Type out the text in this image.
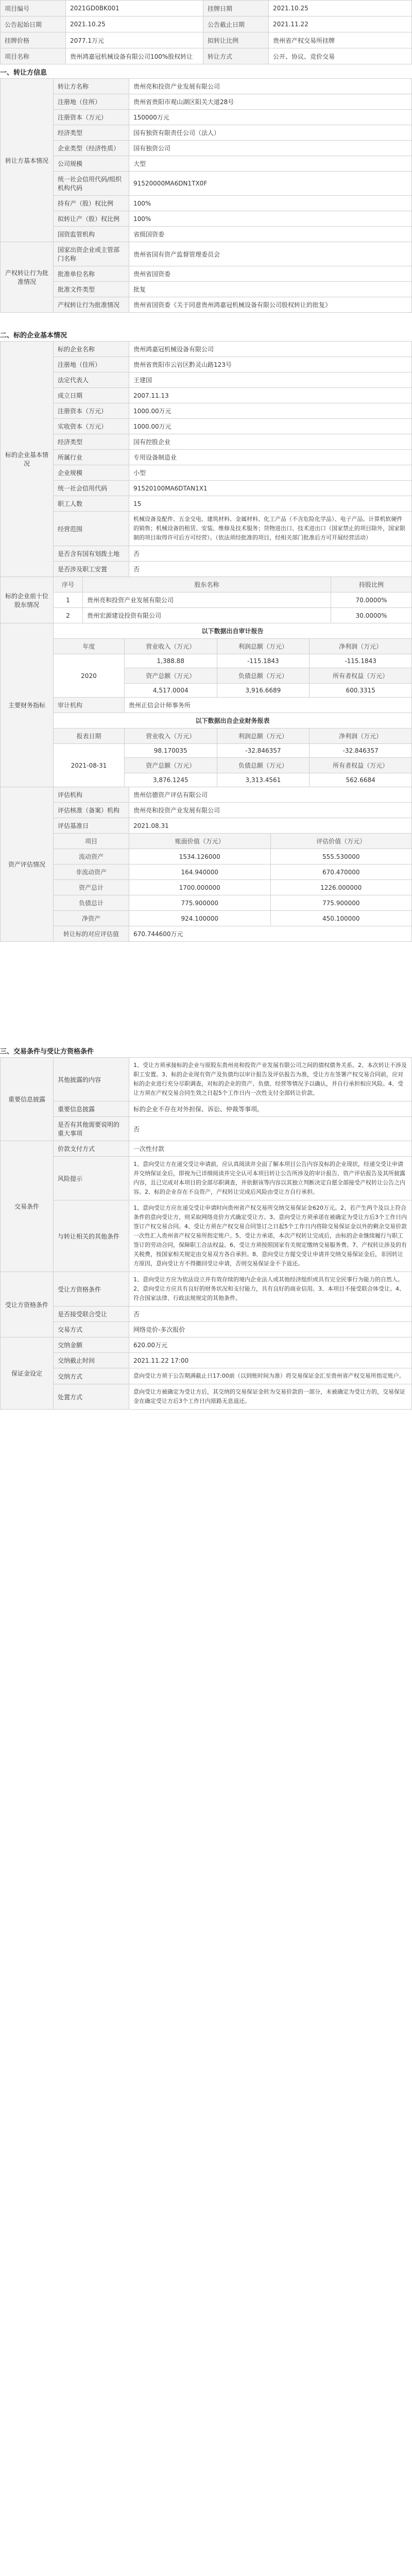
项目编号	2021GD0BK001	挂牌日期	2021.10.25
公告起始日期	2021.10.25	公告截止日期	2021.11.22
挂牌价格	2077.1万元	拟转让比例	贵州省产权交易所挂牌
项目名称	贵州鸿嘉冠机械设备有限公司100%股权转让	转让方式	公开、协议、竞价交易
一、转让方信息
转让方基本情况	转让方名称	贵州亮和投资产业发展有限公司
	注册地（住所）	贵州省贵阳市观山湖区阳关大道28号
	注册资本（万元）	150000万元
	经济类型	国有独资有限责任公司（法人）
	企业类型（经济性质）	国有独资公司
	公司规模	大型
	统一社会信用代码/组织机构代码	91520000MA6DN1TX0F
	持有产（股）权比例	100%
	拟转让产（股）权比例	100%
	国资监管机构	省级国资委
产权转让行为批准情况	国家出资企业或主管部门名称	贵州省国有资产监督管理委员会
	批准单位名称	贵州省国资委
	批准文件类型	批复
	产权转让行为批准情况	贵州省国资委《关于同意贵州鸿嘉冠机械设备有限公司股权转让的批复》
二、标的企业基本情况
标的企业基本情况	标的企业名称	贵州鸿嘉冠机械设备有限公司
	注册地（住所）	贵州省贵阳市云岩区黔灵山路123号
	法定代表人	王建国
	成立日期	2007.11.13
	注册资本（万元）	1000.00万元
	实收资本（万元）	1000.00万元
	经济类型	国有控股企业
	所属行业	专用设备制造业
	企业规模	小型
	统一社会信用代码	91520100MA6DTAN1X1
	职工人数	15
	经营范围	机械设备及配件、五金交电、建筑材料、金属材料、化工产品（不含危险化学品）、电子产品、计算机软硬件的销售；机械设备的租赁、安装、维修及技术服务；货物进出口、技术进出口（国家禁止的项目除外，国家限制的项目取得许可后方可经营）。（依法须经批准的项目，经相关部门批准后方可开展经营活动）
	是否含有国有划拨土地	否
	是否涉及职工安置	否
标的企业前十位股东情况	序号	股东名称	持股比例
	1	贵州亮和投资产业发展有限公司	70.0000%
	2	贵州宏源建设投资有限公司	30.0000%
主要财务指标	以下数据出自审计报告			
	年度	营业收入（万元）	利润总额（万元）	净利润（万元）
	2020	1,388.88	-115.1843	-115.1843
		资产总额（万元）	负债总额（万元）	所有者权益（万元）
		4,517.0004	3,916.6689	600.3315
	审计机构	贵州正信会计师事务所		
	以下数据出自企业财务报表			
	报表日期	营业收入（万元）	利润总额（万元）	净利润（万元）
	2021-08-31	98.170035	-32.846357	-32.846357
		资产总额（万元）	负债总额（万元）	所有者权益（万元）
		3,876.1245	3,313.4561	562.6684
资产评估情况	评估机构	贵州信德资产评估有限公司	
	评估核准（备案）机构	贵州亮和投资产业发展有限公司	
	评估基准日	2021.08.31	
	项目	账面价值（万元）	评估价值（万元）
	流动资产	1534.126000	555.530000
	非流动资产	164.940000	670.470000
	资产总计	1700.000000	1226.000000
	负债总计	775.900000	775.900000
	净资产	924.100000	450.100000
	转让标的对应评估值	670.744600万元	
三、交易条件与受让方资格条件
重要信息披露	其他披露的内容	1、受让方须承接标的企业与原股东贵州亮和投资产业发展有限公司之间的债权债务关系。2、本次转让不涉及职工安置。3、标的企业现有资产及负债均以审计报告及评估报告为准，受让方在签署产权交易合同前，应对标的企业进行充分尽职调查，对标的企业的资产、负债、经营等情况予以确认，并自行承担相应风险。4、受让方须在产权交易合同生效之日起5个工作日内一次性支付全部转让价款。
	重要信息披露	标的企业不存在对外担保、诉讼、仲裁等事项。
	是否有其他需要说明的重大事项	否
交易条件	价款支付方式	一次性付款
	风险提示	1、意向受让方在递交受让申请前，应认真阅读并全面了解本项目公告内容及标的企业现状，经递交受让申请并交纳保证金后，即视为已详细阅读并完全认可本项目转让公告所涉及的审计报告、资产评估报告及其所披露内容，且已完成对本项目的全部尽职调查，并依据该等内容以其独立判断决定自愿全部接受产权转让公告之内容。2、标的企业存在不良资产，产权转让完成后风险由受让方自行承担。
	与转让相关的其他条件	1、意向受让方应在递交受让申请时向贵州省产权交易所交纳交易保证金620万元。2、若产生两个及以上符合条件的意向受让方，则采取网络竞价方式确定受让方。3、意向受让方须承诺在被确定为受让方后3个工作日内签订产权交易合同。4、受让方须在产权交易合同签订之日起5个工作日内将除交易保证金以外的剩余交易价款一次性汇入贵州省产权交易所指定账户。5、受让方承诺，本次产权转让完成后，由标的企业继续履行与职工签订的劳动合同，保障职工合法权益。6、受让方须按照国家有关规定缴纳交易服务费。7、产权转让涉及的有关税费，按国家相关规定由交易双方各自承担。8、意向受让方提交受让申请并交纳交易保证金后，非因转让方原因，意向受让方不得撤回受让申请，否则交易保证金不予退还。
受让方资格条件	受让方资格条件	1、意向受让方应为依法设立并有效存续的境内企业法人或其他经济组织或具有完全民事行为能力的自然人。2、意向受让方应具有良好的财务状况和支付能力，具有良好的商业信用。3、本项目不接受联合体受让。4、符合国家法律、行政法规规定的其他条件。
	是否接受联合受让	否
	交易方式	网络竞价-多次报价
保证金设定	交纳金额	620.00万元
	交纳截止时间	2021.11.22 17:00
	交纳方式	意向受让方须于公告期满截止日17:00前（以到账时间为准）将交易保证金汇至贵州省产权交易所指定账户。
	处置方式	意向受让方被确定为受让方后，其交纳的交易保证金转为交易价款的一部分，未被确定为受让方的，交易保证金在确定受让方后3个工作日内原路无息退还。
